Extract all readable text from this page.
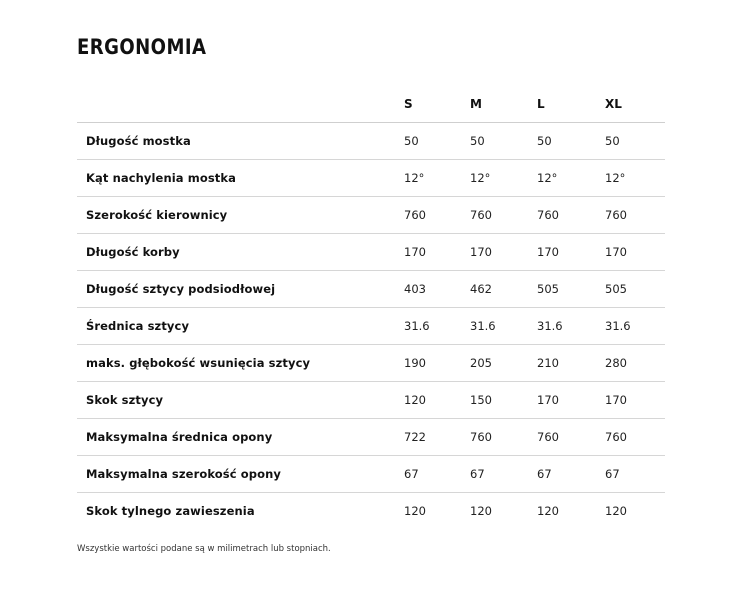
ERGONOMIA
	S	M	L	XL
Długość mostka	50	50	50	50
Kąt nachylenia mostka	12°	12°	12°	12°
Szerokość kierownicy	760	760	760	760
Długość korby	170	170	170	170
Długość sztycy podsiodłowej	403	462	505	505
Średnica sztycy	31.6	31.6	31.6	31.6
maks. głębokość wsunięcia sztycy	190	205	210	280
Skok sztycy	120	150	170	170
Maksymalna średnica opony	722	760	760	760
Maksymalna szerokość opony	67	67	67	67
Skok tylnego zawieszenia	120	120	120	120

Wszystkie wartości podane są w milimetrach lub stopniach.
